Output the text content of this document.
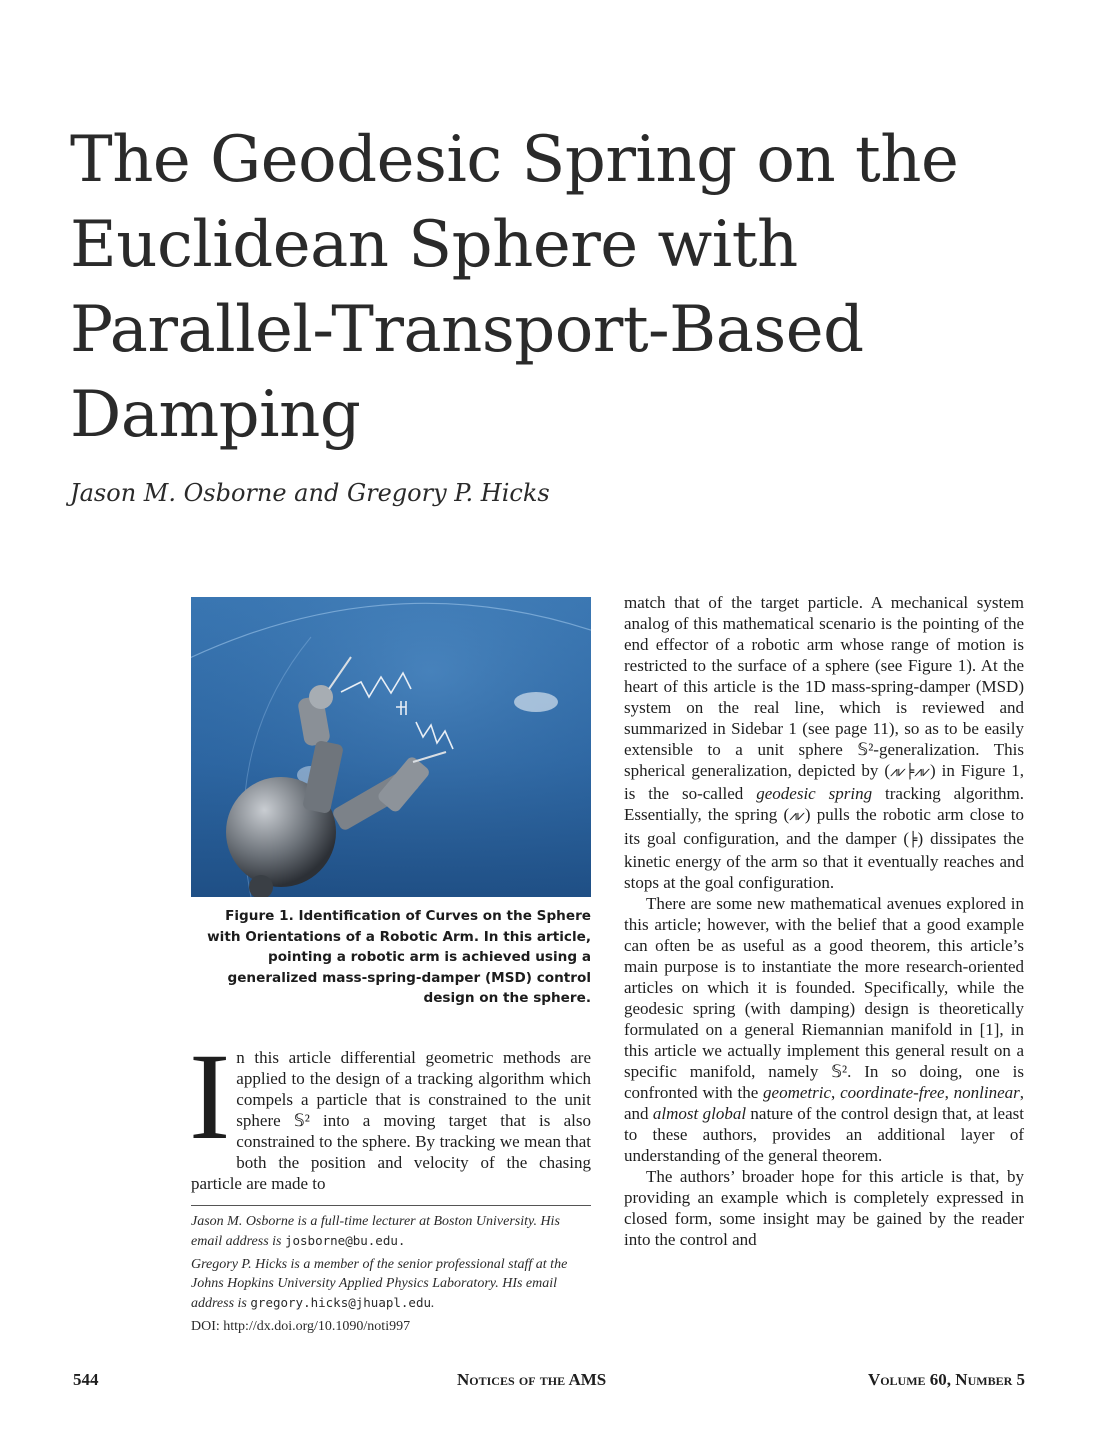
The Geodesic Spring on the Euclidean Sphere with Parallel-Transport-Based Damping

Jason M. Osborne and Gregory P. Hicks

Figure 1. Identification of Curves on the Sphere with Orientations of a Robotic Arm. In this article, pointing a robotic arm is achieved using a generalized mass-spring-damper (MSD) control design on the sphere.

In this article differential geometric methods are applied to the design of a tracking algorithm which compels a particle that is constrained to the unit sphere 𝕊² into a moving target that is also constrained to the sphere. By tracking we mean that both the position and velocity of the chasing particle are made to

Jason M. Osborne is a full-time lecturer at Boston University. His email address is josborne@bu.edu.

Gregory P. Hicks is a member of the senior professional staff at the Johns Hopkins University Applied Physics Laboratory. HIs email address is gregory.hicks@jhuapl.edu.

DOI: http://dx.doi.org/10.1090/noti997

match that of the target particle. A mechanical system analog of this mathematical scenario is the pointing of the end effector of a robotic arm whose range of motion is restricted to the surface of a sphere (see Figure 1). At the heart of this article is the 1D mass-spring-damper (MSD) system on the real line, which is reviewed and summarized in Sidebar 1 (see page 11), so as to be easily extensible to a unit sphere 𝕊²-generalization. This spherical generalization, depicted by (⩘⩗╞⩘⩗) in Figure 1, is the so-called geodesic spring tracking algorithm. Essentially, the spring (⩘⩗) pulls the robotic arm close to its goal configuration, and the damper (╞) dissipates the kinetic energy of the arm so that it eventually reaches and stops at the goal configuration.

There are some new mathematical avenues explored in this article; however, with the belief that a good example can often be as useful as a good theorem, this article’s main purpose is to instantiate the more research-oriented articles on which it is founded. Specifically, while the geodesic spring (with damping) design is theoretically formulated on a general Riemannian manifold in [1], in this article we actually implement this general result on a specific manifold, namely 𝕊². In so doing, one is confronted with the geometric, coordinate-free, nonlinear, and almost global nature of the control design that, at least to these authors, provides an additional layer of understanding of the general theorem.

The authors’ broader hope for this article is that, by providing an example which is completely expressed in closed form, some insight may be gained by the reader into the control and

544	Notices of the AMS	Volume 60, Number 5
